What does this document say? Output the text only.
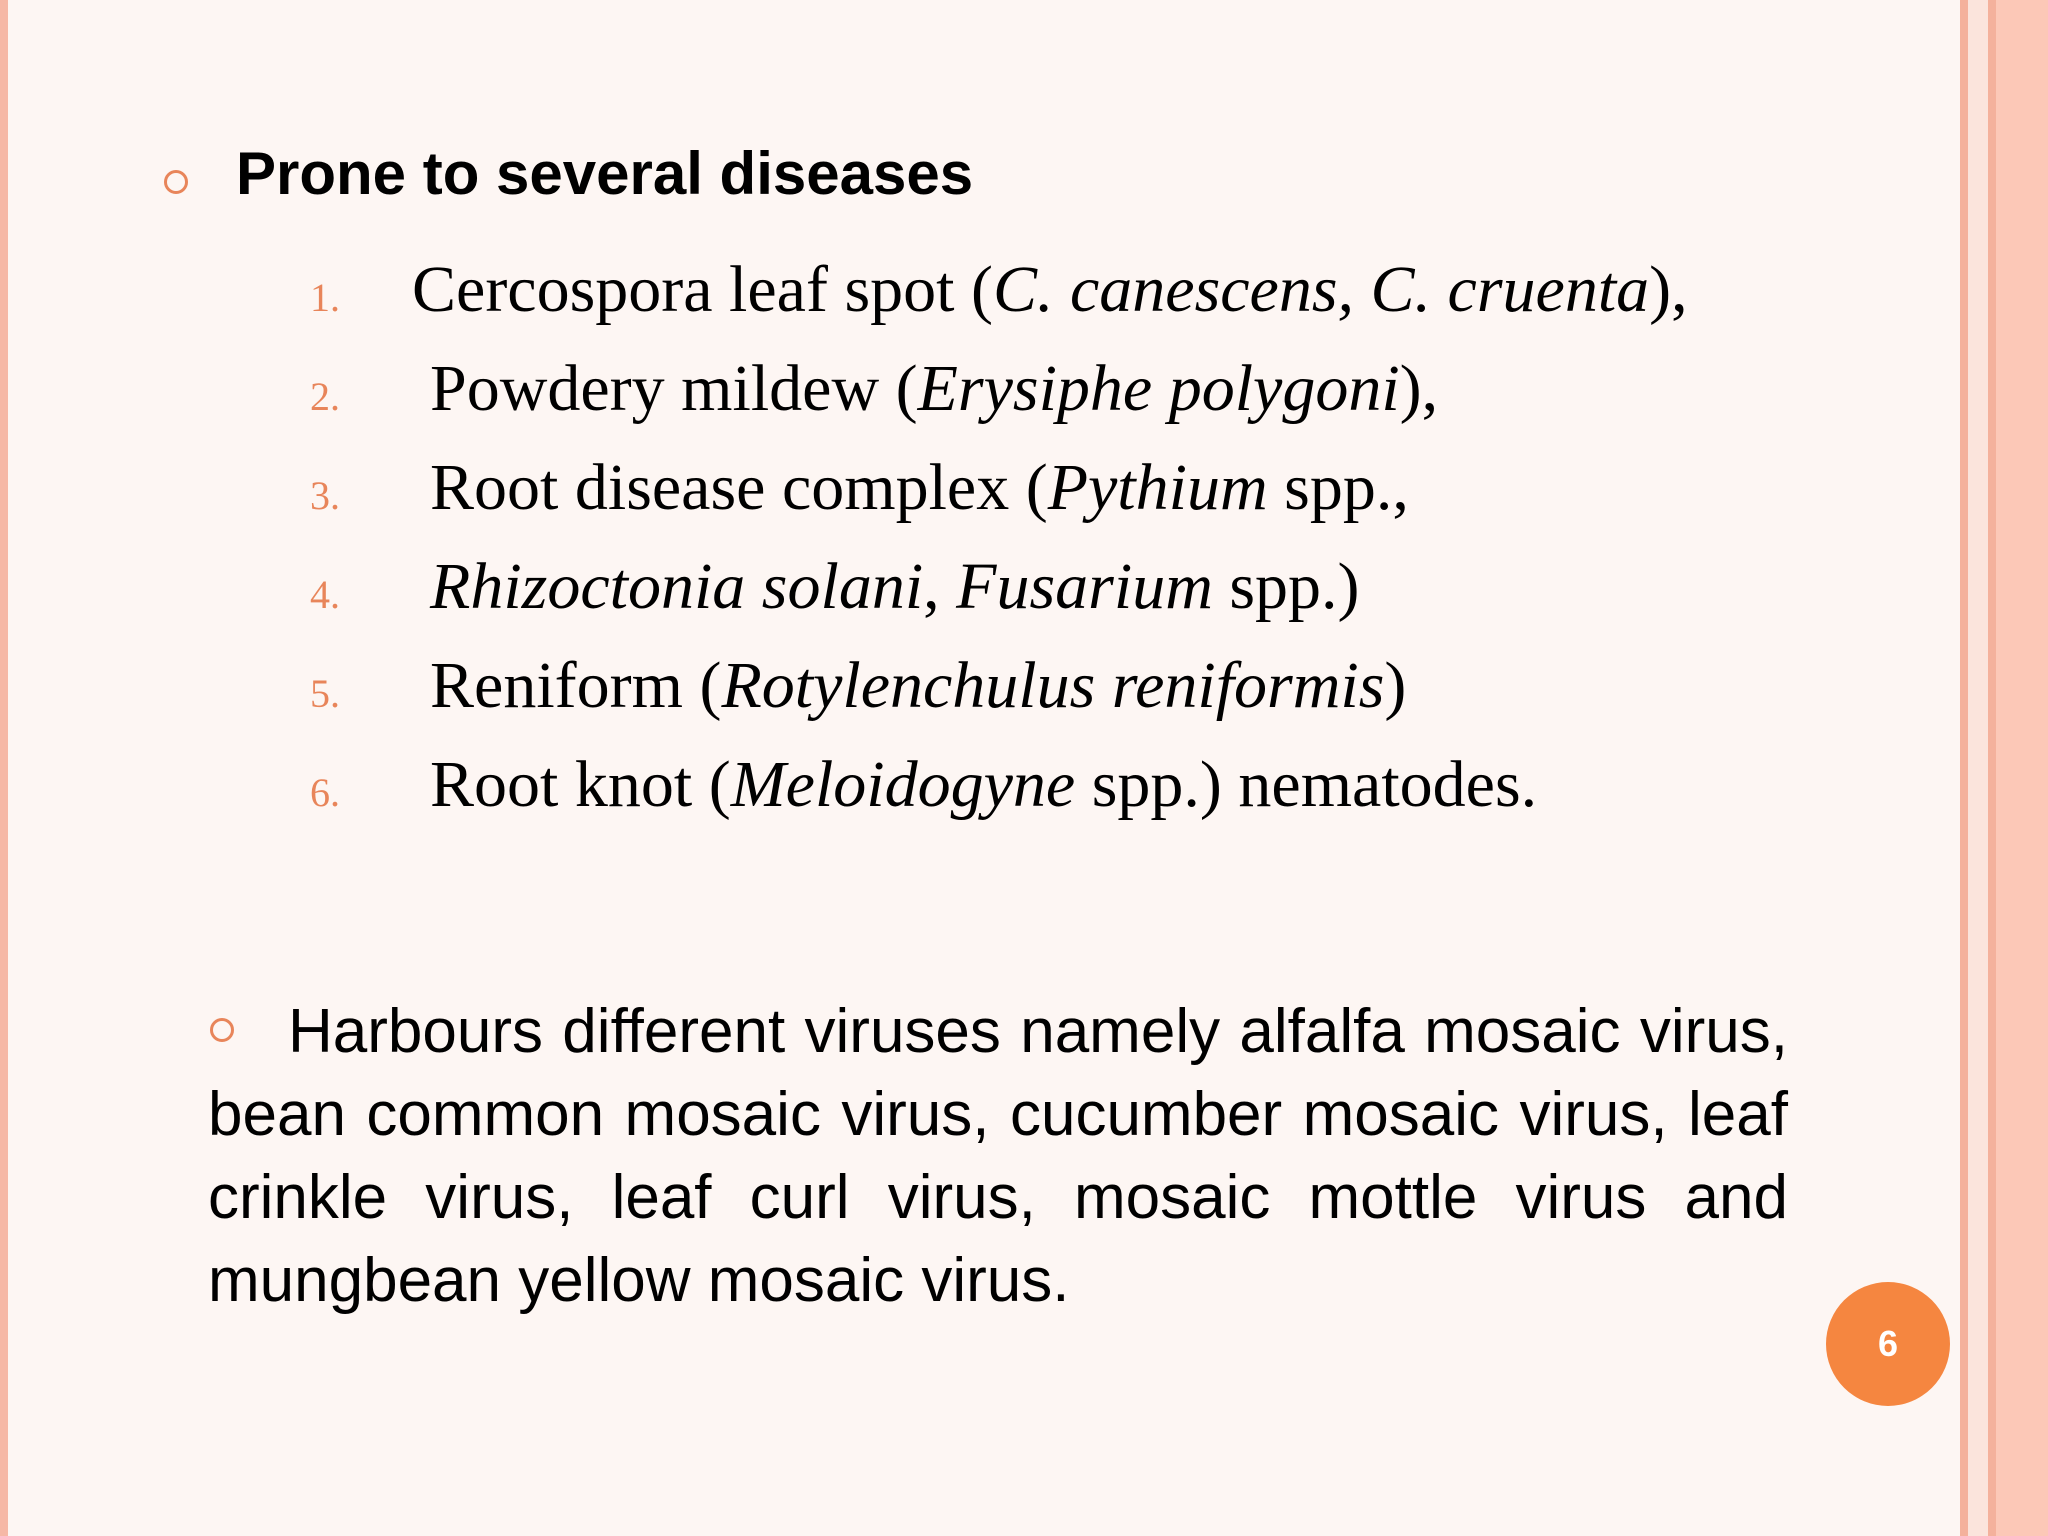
Prone to several diseases
1. Cercospora leaf spot (C. canescens, C. cruenta),
2. Powdery mildew (Erysiphe polygoni),
3. Root disease complex (Pythium spp.,
4. Rhizoctonia solani, Fusarium spp.)
5. Reniform (Rotylenchulus reniformis)
6. Root knot (Meloidogyne spp.) nematodes.
Harbours different viruses namely alfalfa mosaic virus, bean common mosaic virus, cucumber mosaic virus, leaf crinkle virus, leaf curl virus, mosaic mottle virus and mungbean yellow mosaic virus.
6
